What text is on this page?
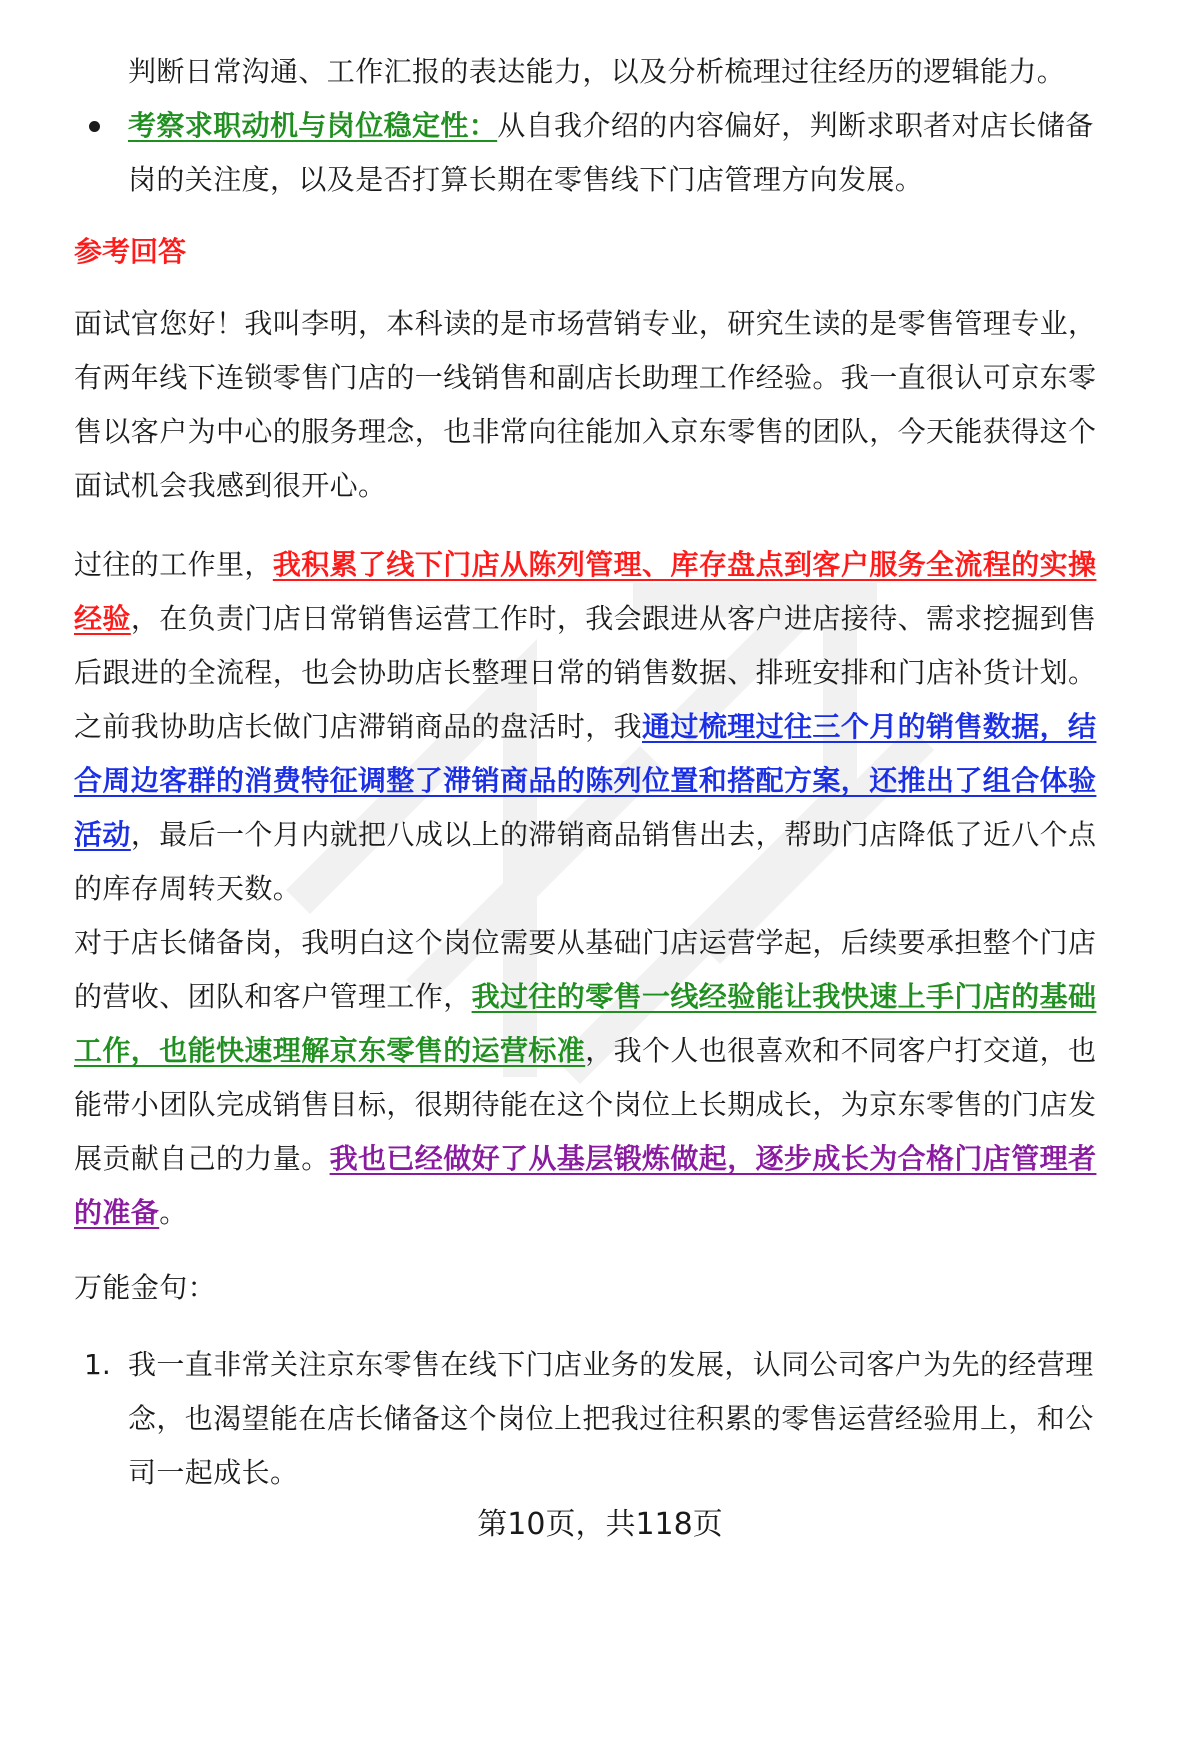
判断日常沟通、工作汇报的表达能力，以及分析梳理过往经历的逻辑能力。
考察求职动机与岗位稳定性：从自我介绍的内容偏好，判断求职者对店长储备
岗的关注度，以及是否打算长期在零售线下门店管理方向发展。
参考回答
面试官您好！我叫李明，本科读的是市场营销专业，研究生读的是零售管理专业，
有两年线下连锁零售门店的一线销售和副店长助理工作经验。我一直很认可京东零
售以客户为中心的服务理念，也非常向往能加入京东零售的团队，今天能获得这个
面试机会我感到很开心。
过往的工作里，我积累了线下门店从陈列管理、库存盘点到客户服务全流程的实操
经验，在负责门店日常销售运营工作时，我会跟进从客户进店接待、需求挖掘到售
后跟进的全流程，也会协助店长整理日常的销售数据、排班安排和门店补货计划。
之前我协助店长做门店滞销商品的盘活时，我通过梳理过往三个月的销售数据，结
合周边客群的消费特征调整了滞销商品的陈列位置和搭配方案，还推出了组合体验
活动，最后一个月内就把八成以上的滞销商品销售出去，帮助门店降低了近八个点
的库存周转天数。
对于店长储备岗，我明白这个岗位需要从基础门店运营学起，后续要承担整个门店
的营收、团队和客户管理工作，我过往的零售一线经验能让我快速上手门店的基础
工作，也能快速理解京东零售的运营标准，我个人也很喜欢和不同客户打交道，也
能带小团队完成销售目标，很期待能在这个岗位上长期成长，为京东零售的门店发
展贡献自己的力量。我也已经做好了从基层锻炼做起，逐步成长为合格门店管理者
的准备。
万能金句：
1. 我一直非常关注京东零售在线下门店业务的发展，认同公司客户为先的经营理
念，也渴望能在店长储备这个岗位上把我过往积累的零售运营经验用上，和公
司一起成长。
第10页，共118页
